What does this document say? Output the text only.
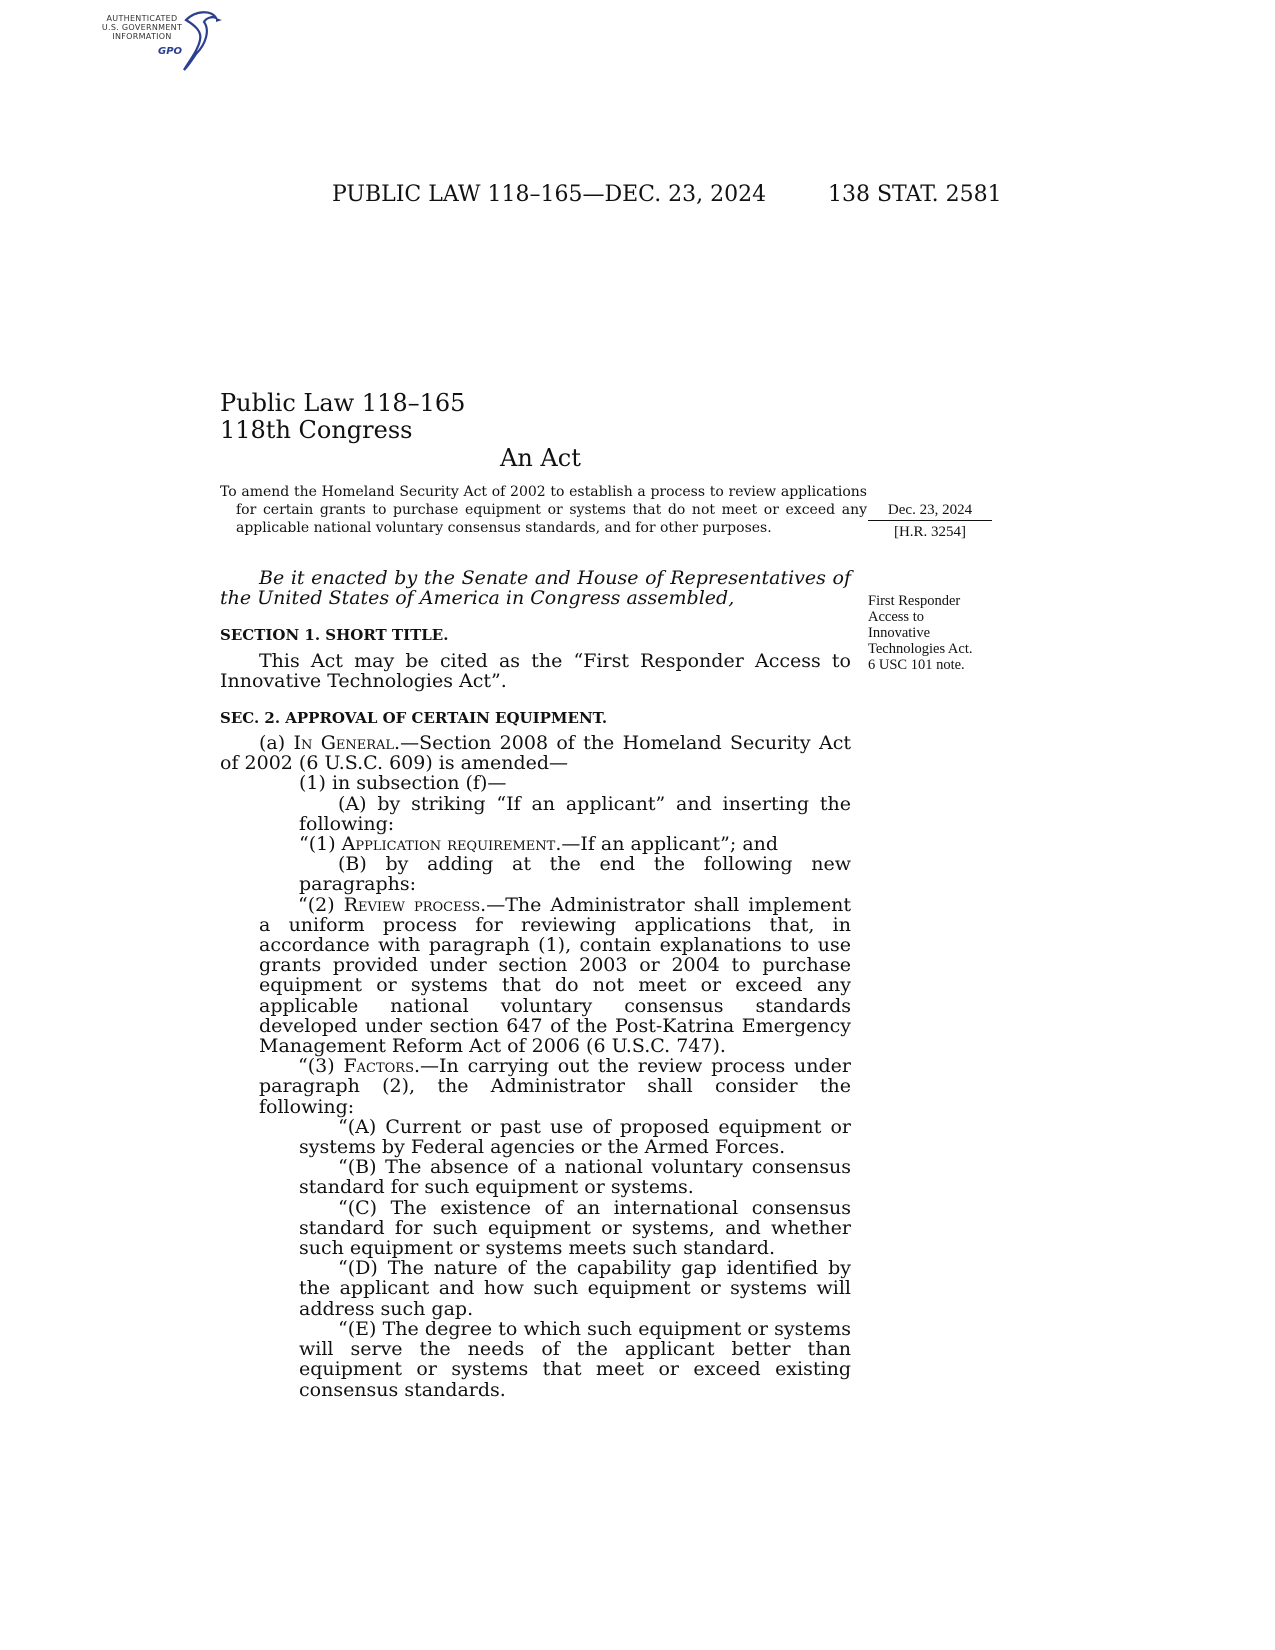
AUTHENTICATED
U.S. GOVERNMENT
INFORMATION
GPO
PUBLIC LAW 118–165—DEC. 23, 2024	138 STAT. 2581
Public Law 118–165
118th Congress
An Act
To amend the Homeland Security Act of 2002 to establish a process to review applications for certain grants to purchase equipment or systems that do not meet or exceed any applicable national voluntary consensus standards, and for other purposes.
Dec. 23, 2024
[H.R. 3254]
First Responder
Access to
Innovative
Technologies Act.
6 USC 101 note.
Be it enacted by the Senate and House of Representatives of the United States of America in Congress assembled,
SECTION 1. SHORT TITLE.
This Act may be cited as the “First Responder Access to Innovative Technologies Act”.
SEC. 2. APPROVAL OF CERTAIN EQUIPMENT.

(a) In General.—Section 2008 of the Homeland Security Act of 2002 (6 U.S.C. 609) is amended—

(1) in subsection (f)—

(A) by striking “If an applicant” and inserting the following:

“(1) Application requirement.—If an applicant”; and

(B) by adding at the end the following new paragraphs:

“(2) Review process.—The Administrator shall implement a uniform process for reviewing applications that, in accordance with paragraph (1), contain explanations to use grants provided under section 2003 or 2004 to purchase equipment or systems that do not meet or exceed any applicable national voluntary consensus standards developed under section 647 of the Post-Katrina Emergency Management Reform Act of 2006 (6 U.S.C. 747).

“(3) Factors.—In carrying out the review process under paragraph (2), the Administrator shall consider the following:

“(A) Current or past use of proposed equipment or systems by Federal agencies or the Armed Forces.

“(B) The absence of a national voluntary consensus standard for such equipment or systems.

“(C) The existence of an international consensus standard for such equipment or systems, and whether such equipment or systems meets such standard.

“(D) The nature of the capability gap identified by the applicant and how such equipment or systems will address such gap.

“(E) The degree to which such equipment or systems will serve the needs of the applicant better than equipment or systems that meet or exceed existing consensus standards.
